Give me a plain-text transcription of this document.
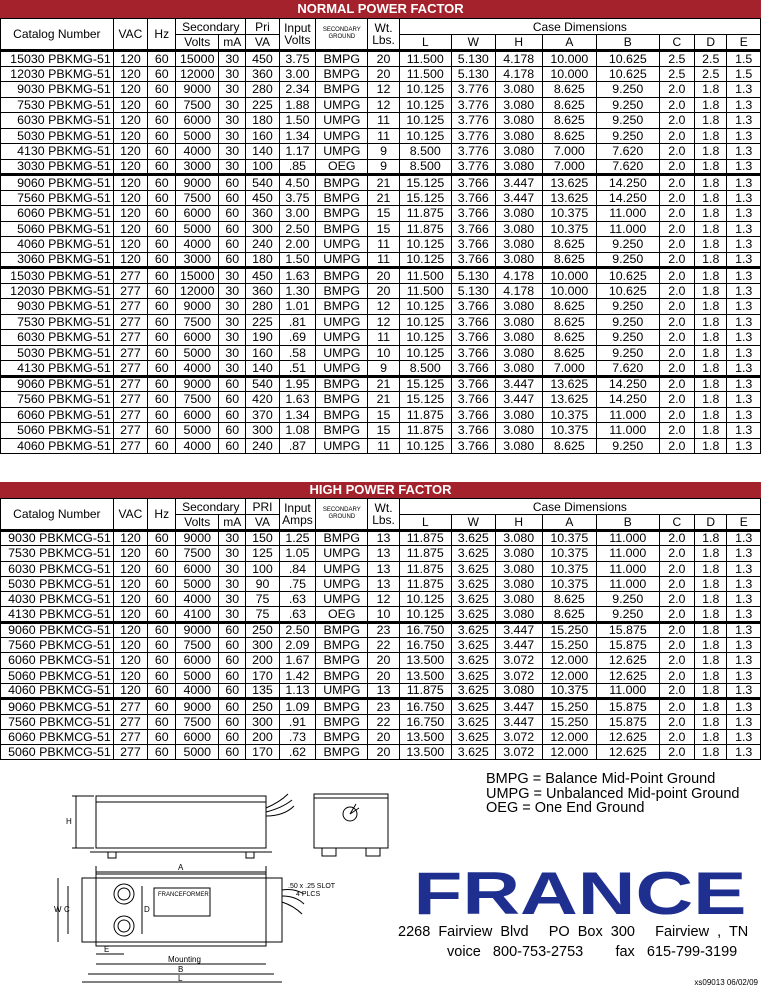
NORMAL POWER FACTOR
Catalog Number	VAC	Hz	Secondary		Pri	Input Volts	SECONDARY GROUND	Wt. Lbs.	Case Dimensions							
			Volts	mA	VA				L	W	H	A	B	C	D	E
15030 PBKMG-51	120	60	15000	30	450	3.75	BMPG	20	11.500	5.130	4.178	10.000	10.625	2.5	2.5	1.5
12030 PBKMG-51	120	60	12000	30	360	3.00	BMPG	20	11.500	5.130	4.178	10.000	10.625	2.5	2.5	1.5
9030 PBKMG-51	120	60	9000	30	280	2.34	BMPG	12	10.125	3.776	3.080	8.625	9.250	2.0	1.8	1.3
7530 PBKMG-51	120	60	7500	30	225	1.88	UMPG	12	10.125	3.776	3.080	8.625	9.250	2.0	1.8	1.3
6030 PBKMG-51	120	60	6000	30	180	1.50	UMPG	11	10.125	3.776	3.080	8.625	9.250	2.0	1.8	1.3
5030 PBKMG-51	120	60	5000	30	160	1.34	UMPG	11	10.125	3.776	3.080	8.625	9.250	2.0	1.8	1.3
4130 PBKMG-51	120	60	4000	30	140	1.17	UMPG	9	8.500	3.776	3.080	7.000	7.620	2.0	1.8	1.3
3030 PBKMG-51	120	60	3000	30	100	.85	OEG	9	8.500	3.776	3.080	7.000	7.620	2.0	1.8	1.3
9060 PBKMG-51	120	60	9000	60	540	4.50	BMPG	21	15.125	3.766	3.447	13.625	14.250	2.0	1.8	1.3
7560 PBKMG-51	120	60	7500	60	450	3.75	BMPG	21	15.125	3.766	3.447	13.625	14.250	2.0	1.8	1.3
6060 PBKMG-51	120	60	6000	60	360	3.00	BMPG	15	11.875	3.766	3.080	10.375	11.000	2.0	1.8	1.3
5060 PBKMG-51	120	60	5000	60	300	2.50	BMPG	15	11.875	3.766	3.080	10.375	11.000	2.0	1.8	1.3
4060 PBKMG-51	120	60	4000	60	240	2.00	UMPG	11	10.125	3.766	3.080	8.625	9.250	2.0	1.8	1.3
3060 PBKMG-51	120	60	3000	60	180	1.50	UMPG	11	10.125	3.766	3.080	8.625	9.250	2.0	1.8	1.3
15030 PBKMG-51	277	60	15000	30	450	1.63	BMPG	20	11.500	5.130	4.178	10.000	10.625	2.0	1.8	1.3
12030 PBKMG-51	277	60	12000	30	360	1.30	BMPG	20	11.500	5.130	4.178	10.000	10.625	2.0	1.8	1.3
9030 PBKMG-51	277	60	9000	30	280	1.01	BMPG	12	10.125	3.766	3.080	8.625	9.250	2.0	1.8	1.3
7530 PBKMG-51	277	60	7500	30	225	.81	UMPG	12	10.125	3.766	3.080	8.625	9.250	2.0	1.8	1.3
6030 PBKMG-51	277	60	6000	30	190	.69	UMPG	11	10.125	3.766	3.080	8.625	9.250	2.0	1.8	1.3
5030 PBKMG-51	277	60	5000	30	160	.58	UMPG	10	10.125	3.766	3.080	8.625	9.250	2.0	1.8	1.3
4130 PBKMG-51	277	60	4000	30	140	.51	UMPG	9	8.500	3.766	3.080	7.000	7.620	2.0	1.8	1.3
9060 PBKMG-51	277	60	9000	60	540	1.95	BMPG	21	15.125	3.766	3.447	13.625	14.250	2.0	1.8	1.3
7560 PBKMG-51	277	60	7500	60	420	1.63	BMPG	21	15.125	3.766	3.447	13.625	14.250	2.0	1.8	1.3
6060 PBKMG-51	277	60	6000	60	370	1.34	BMPG	15	11.875	3.766	3.080	10.375	11.000	2.0	1.8	1.3
5060 PBKMG-51	277	60	5000	60	300	1.08	BMPG	15	11.875	3.766	3.080	10.375	11.000	2.0	1.8	1.3
4060 PBKMG-51	277	60	4000	60	240	.87	UMPG	11	10.125	3.766	3.080	8.625	9.250	2.0	1.8	1.3
HIGH POWER FACTOR
Catalog Number	VAC	Hz	Secondary		PRI	Input Amps	SECONDARY GROUND	Wt. Lbs.	Case Dimensions							
			Volts	mA	VA				L	W	H	A	B	C	D	E
9030 PBKMCG-51	120	60	9000	30	150	1.25	BMPG	13	11.875	3.625	3.080	10.375	11.000	2.0	1.8	1.3
7530 PBKMCG-51	120	60	7500	30	125	1.05	UMPG	13	11.875	3.625	3.080	10.375	11.000	2.0	1.8	1.3
6030 PBKMCG-51	120	60	6000	30	100	.84	UMPG	13	11.875	3.625	3.080	10.375	11.000	2.0	1.8	1.3
5030 PBKMCG-51	120	60	5000	30	90	.75	UMPG	13	11.875	3.625	3.080	10.375	11.000	2.0	1.8	1.3
4030 PBKMCG-51	120	60	4000	30	75	.63	UMPG	12	10.125	3.625	3.080	8.625	9.250	2.0	1.8	1.3
4130 PBKMCG-51	120	60	4100	30	75	.63	OEG	10	10.125	3.625	3.080	8.625	9.250	2.0	1.8	1.3
9060 PBKMCG-51	120	60	9000	60	250	2.50	BMPG	23	16.750	3.625	3.447	15.250	15.875	2.0	1.8	1.3
7560 PBKMCG-51	120	60	7500	60	300	2.09	BMPG	22	16.750	3.625	3.447	15.250	15.875	2.0	1.8	1.3
6060 PBKMCG-51	120	60	6000	60	200	1.67	BMPG	20	13.500	3.625	3.072	12.000	12.625	2.0	1.8	1.3
5060 PBKMCG-51	120	60	5000	60	170	1.42	BMPG	20	13.500	3.625	3.072	12.000	12.625	2.0	1.8	1.3
4060 PBKMCG-51	120	60	4000	60	135	1.13	UMPG	13	11.875	3.625	3.080	10.375	11.000	2.0	1.8	1.3
9060 PBKMCG-51	277	60	9000	60	250	1.09	BMPG	23	16.750	3.625	3.447	15.250	15.875	2.0	1.8	1.3
7560 PBKMCG-51	277	60	7500	60	300	.91	BMPG	22	16.750	3.625	3.447	15.250	15.875	2.0	1.8	1.3
6060 PBKMCG-51	277	60	6000	60	200	.73	BMPG	20	13.500	3.625	3.072	12.000	12.625	2.0	1.8	1.3
5060 PBKMCG-51	277	60	5000	60	170	.62	BMPG	20	13.500	3.625	3.072	12.000	12.625	2.0	1.8	1.3
H
A
W C	D
E
Mounting
B
L
FRANCEFORMER
.50 x .25 SLOT
4 PLCS
BMPG = Balance Mid-Point Ground
UMPG = Unbalanced Mid-point Ground
OEG = One End Ground
FRANCE
2268  Fairview  Blvd     PO  Box  300     Fairview  ,  TN
voice   800-753-2753        fax   615-799-3199
xs09013 06/02/09
